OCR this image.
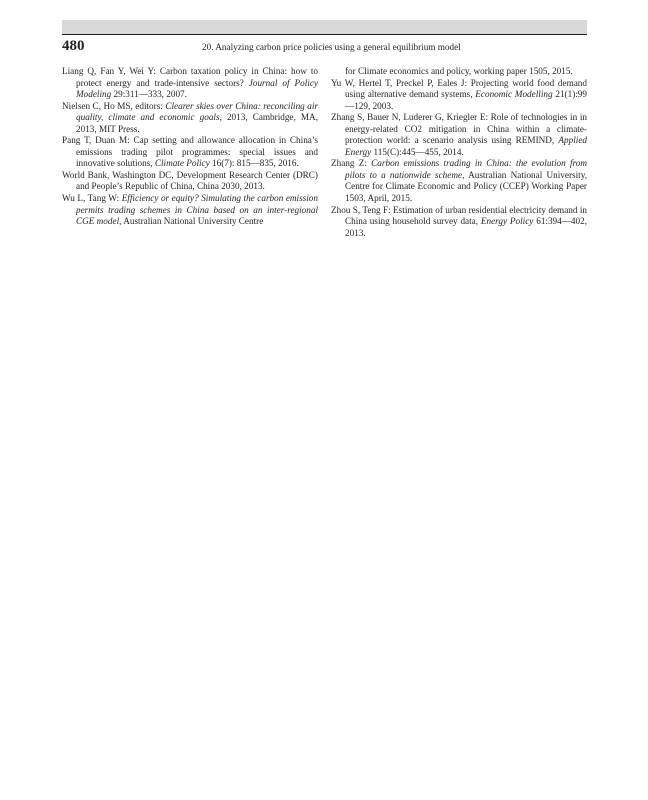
480	20. Analyzing carbon price policies using a general equilibrium model

Liang Q, Fan Y, Wei Y: Carbon taxation policy in China: how to protect energy and trade-intensive sectors? Journal of Policy Modeling 29:311—333, 2007.

Nielsen C, Ho MS, editors: Clearer skies over China: reconciling air quality, climate and economic goals, 2013, Cambridge, MA, 2013, MIT Press.

Pang T, Duan M: Cap setting and allowance allocation in China’s emissions trading pilot programmes: special issues and innovative solutions, Climate Policy 16(7): 815—835, 2016.

World Bank, Washington DC, Development Research Center (DRC) and People’s Republic of China, China 2030, 2013.

Wu L, Tang W: Efficiency or equity? Simulating the carbon emission permits trading schemes in China based on an inter-regional CGE model, Australian National University Centre

for Climate economics and policy, working paper 1505, 2015.

Yu W, Hertel T, Preckel P, Eales J: Projecting world food demand using alternative demand systems, Economic Modelling 21(1):99—129, 2003.

Zhang S, Bauer N, Luderer G, Kriegler E: Role of technologies in in energy-related CO2 mitigation in China within a climate-protection world: a scenario analysis using REMIND, Applied Energy 115(C):445—455, 2014.

Zhang Z: Carbon emissions trading in China: the evolution from pilots to a nationwide scheme, Australian National University, Centre for Climate Economic and Policy (CCEP) Working Paper 1503, April, 2015.

Zhou S, Teng F: Estimation of urban residential electricity demand in China using household survey data, Energy Policy 61:394—402, 2013.
